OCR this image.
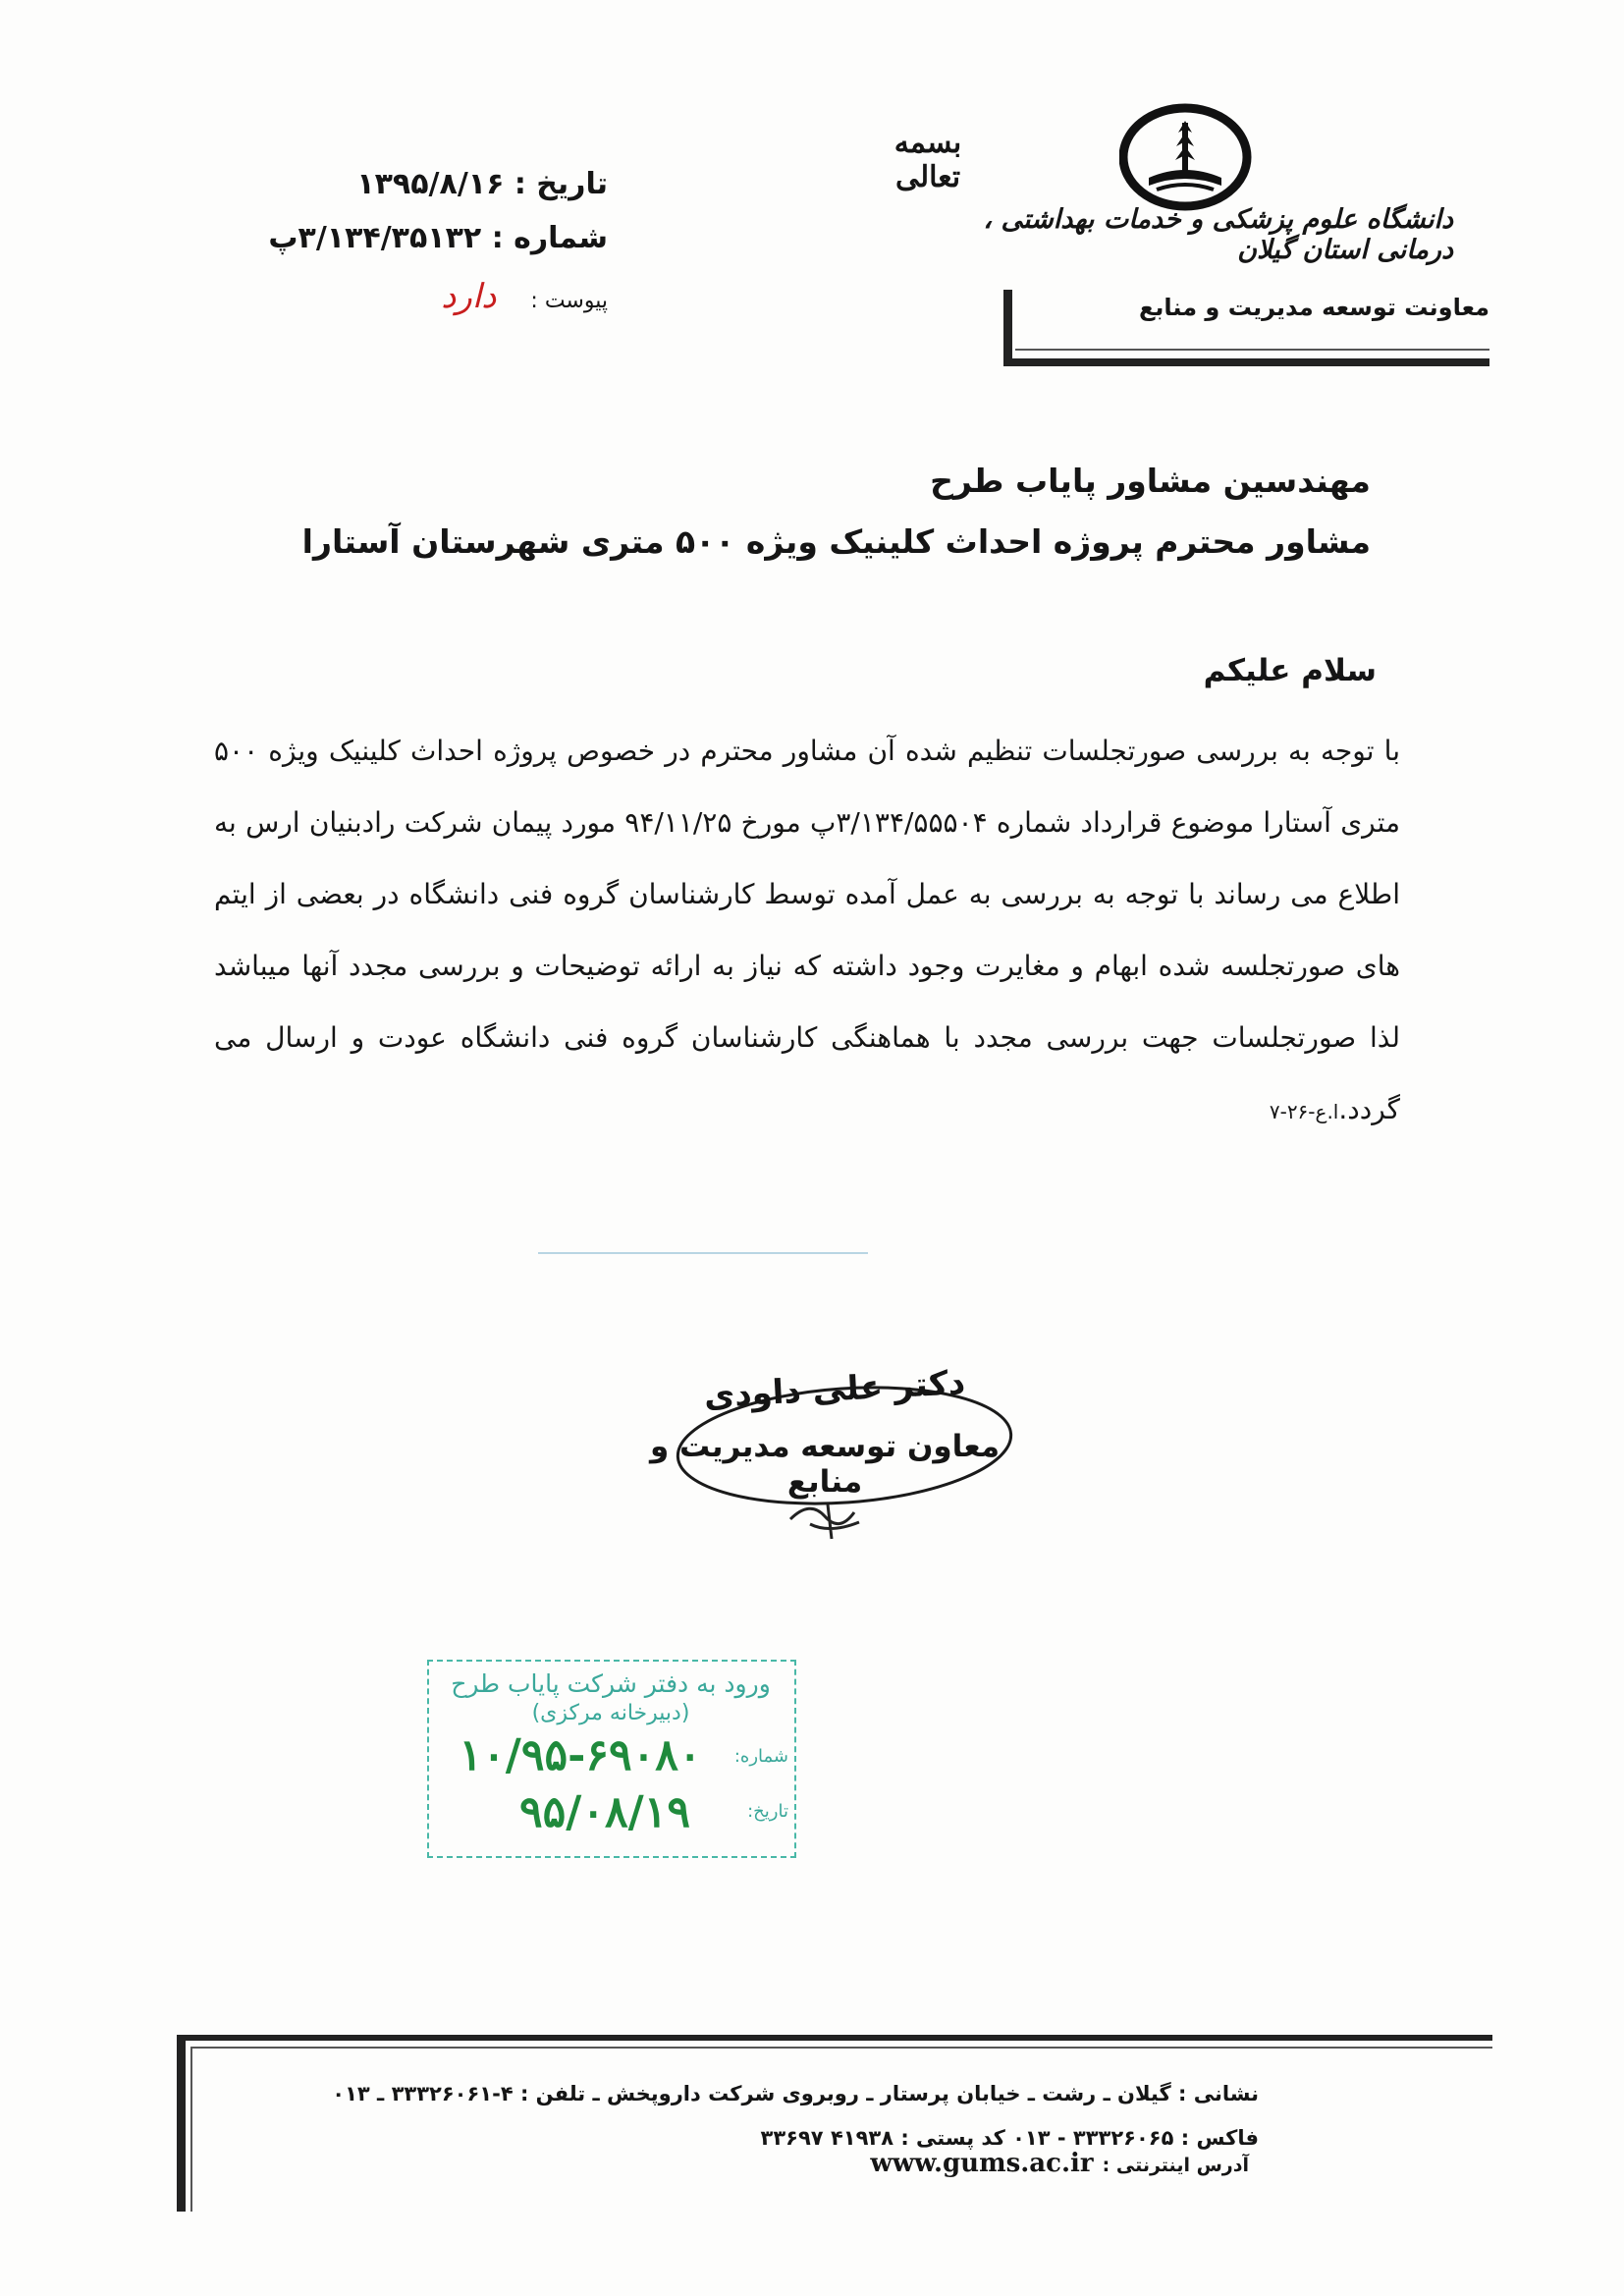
بسمه تعالی
دانشگاه علوم پزشکی و خدمات بهداشتی ، درمانی استان گیلان
معاونت توسعه مدیریت و منابع
تاریخ : ۱۳۹۵/۸/۱۶
شماره : ۳/۱۳۴/۳۵۱۳۲پ
پیوست : دارد
مهندسین مشاور پایاب طرح
مشاور محترم پروژه احداث کلینیک ویژه ۵۰۰ متری شهرستان آستارا
سلام علیکم
با توجه به بررسی صورتجلسات تنظیم شده آن مشاور محترم در خصوص پروژه احداث کلینیک ویژه ۵۰۰ متری آستارا موضوع قرارداد شماره ۳/۱۳۴/۵۵۵۰۴پ مورخ ۹۴/۱۱/۲۵ مورد پیمان شرکت رادبنیان ارس به اطلاع می رساند با توجه به بررسی به عمل آمده توسط کارشناسان گروه فنی دانشگاه در بعضی از ایتم های صورتجلسه شده ابهام و مغایرت وجود داشته که نیاز به ارائه توضیحات و بررسی مجدد آنها میباشد لذا صورتجلسات جهت بررسی مجدد با هماهنگی کارشناسان گروه فنی دانشگاه عودت و ارسال می گردد.ا.ع-۲۶-۷
دکتر علی داودی
معاون توسعه مدیریت و منابع
ورود به دفتر شرکت پایاب طرح
(دبیرخانه مرکزی)
شماره:
تاریخ:
۱۰/۹۵-۶۹۰۸۰
۹۵/۰۸/۱۹
نشانی : گیلان ـ رشت ـ خیابان پرستار ـ روبروی شرکت داروپخش ـ تلفن : ۴-۳۳۳۲۶۰۶۱ ـ ۰۱۳
فاکس : ۳۳۳۲۶۰۶۵ - ۰۱۳ کد پستی : ۴۱۹۳۸ ۳۳۶۹۷
آدرس اینترنتی : www.gums.ac.ir
